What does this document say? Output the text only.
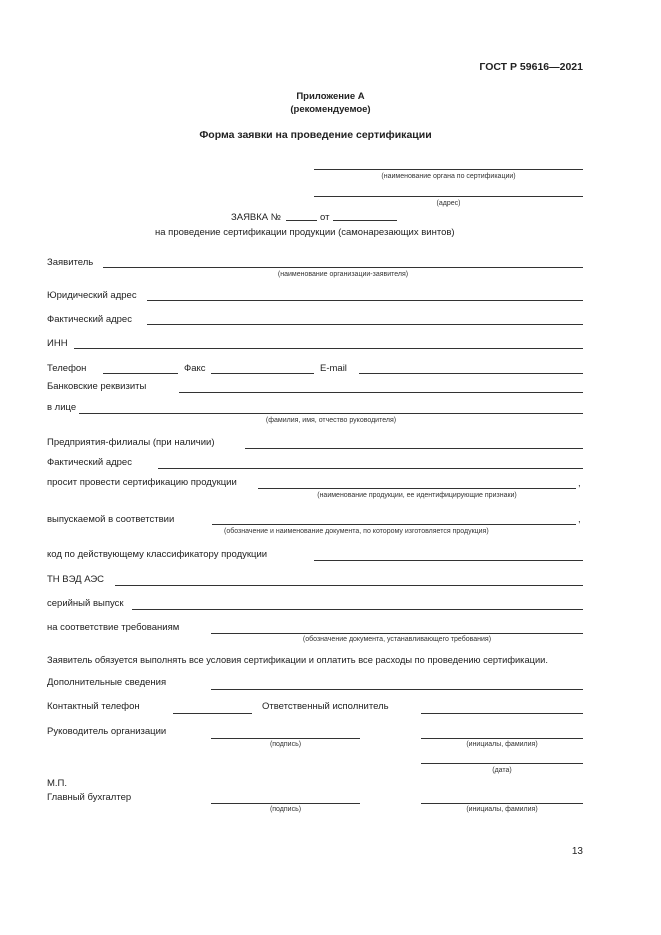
ГОСТ Р 59616—2021
Приложение А
(рекомендуемое)
Форма заявки на проведение сертификации
(наименование органа по сертификации)
(адрес)
ЗАЯВКА №	от
на проведение сертификации продукции (самонарезающих винтов)
Заявитель
(наименование организации-заявителя)
Юридический адрес
Фактический адрес
ИНН
Телефон	Факс	E-mail
Банковские реквизиты
в лице
(фамилия, имя, отчество руководителя)
Предприятия-филиалы (при наличии)
Фактический адрес
просит провести сертификацию продукции	,
(наименование продукции, ее идентифицирующие признаки)
выпускаемой в соответствии	,
(обозначение и наименование документа, по которому изготовляется продукция)
код по действующему классификатору продукции
ТН ВЭД АЭС
серийный выпуск
на соответствие требованиям
(обозначение документа, устанавливающего требования)
Заявитель обязуется выполнять все условия сертификации и оплатить все расходы по проведению сертификации.
Дополнительные сведения
Контактный телефон	Ответственный исполнитель
Руководитель организации
(подпись)	(инициалы, фамилия)
(дата)
М.П.
Главный бухгалтер
(подпись)	(инициалы, фамилия)
13
